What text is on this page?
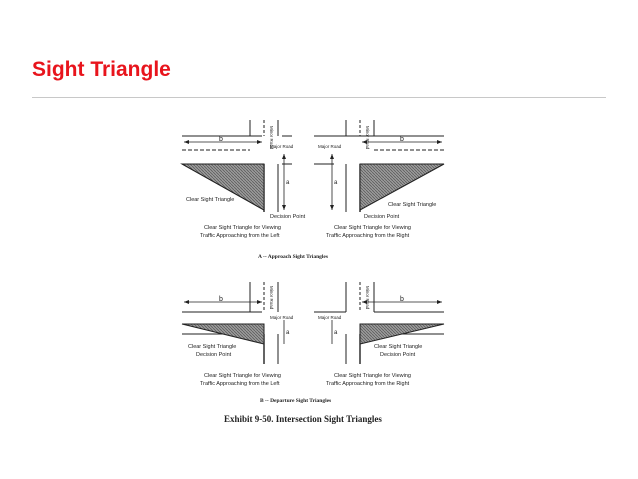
Sight Triangle
b
a
Minor Road
Major Road
Clear Sight Triangle
Decision Point
Clear Sight Triangle for Viewing
Traffic Approaching from the Left
b
a
Minor Road
Major Road
Clear Sight Triangle
Decision Point
Clear Sight Triangle for Viewing
Traffic Approaching from the Right
A -- Approach Sight Triangles
b
a
Minor Road
Major Road
Clear Sight Triangle
Decision Point
Clear Sight Triangle for Viewing
Traffic Approaching from the Left
b
a
Minor Road
Major Road
Clear Sight Triangle
Decision Point
Clear Sight Triangle for Viewing
Traffic Approaching from the Right
B -- Departure Sight Triangles
Exhibit 9-50. Intersection Sight Triangles
